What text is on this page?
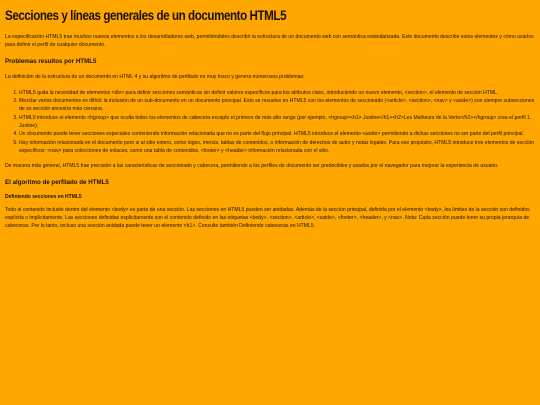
Secciones y líneas generales de un documento HTML5

La especificación HTML5 trae muchos nuevos elementos a los desarrolladores web, permitiéndoles describir la estructura de un documento web con semántica estandarizada. Este documento describe estos elementos y cómo usarlos para definir el perfil de cualquier documento.

Problemas resultos por HTML5

La definición de la estructura de un documento en HTML 4 y su algoritmo de perfilado es muy tosco y genera numerosos problemas:

1. HTML5 quita la necesidad de elementos <div> para definir secciones semánticas sin definir valores específicos para los atributos class, introduciendo un nuevo elemento, <section>, el elemento de sección HTML.
2. Mezclar varios documentos es difícil: la inclusión de un sub-documento en un documento principal. Esto se resuelve en HTML5 con los elementos de seccionado (<article>, <section>, <nav> y <aside>) son siempre subsecciones de su sección ancestra más cercana.
3. HTML5 introduce el elemento <hgroup> que oculta todos los elementos de cabecera excepto el primero de más alto rango (por ejemplo, <hgroup><h1> Justine</h1><h2>Les Malheurs de la Vertu</h2></hgroup> crea el perfil 1. Justine).
4. Un documento puede tener secciones especiales conteniendo información relacionada que no es parte del flujo principal. HTML5 introduce el elemento <aside> permitiendo a dichas secciones no ser parte del perfil principal.
5. Hay información relacionada en el documento pero si al sitio entero, como logos, menús, tablas de contenidos, o información de derechos de autor y notas legales. Para ese propósito, HTML5 introduce tres elementos de sección específicos: <nav> para colecciones de enlaces, como una tabla de contenidos, <footer> y <header> información relacionada con el sitio.

De manera más general, HTML5 trae precisión a las características de seccionado y cabecera, permitiendo a los perfiles de documento ser predecibles y usados por el navegador para mejorar la experiencia de usuario.

El algoritmo de perfilado de HTML5
Definiendo secciones en HTML5

Todo el contenido incluido dentro del elemento <body> es parte de una sección. Las secciones en HTML5 pueden ser anidadas. Además de la sección principal, definida por el elemento <body>, los límites de la sección son definidos explícita o implícitamente. Las secciones definidas explícitamente son el contenido definido en las etiquetas <body>, <section>, <article>, <aside>, <footer>, <header>, y <nav>. Nota: Cada sección puede tener su propia jerarquía de cabeceras. Por lo tanto, incluso una sección anidada puede tener un elemento <h1>. Consulte también Definiendo cabeceras en HTML5.
